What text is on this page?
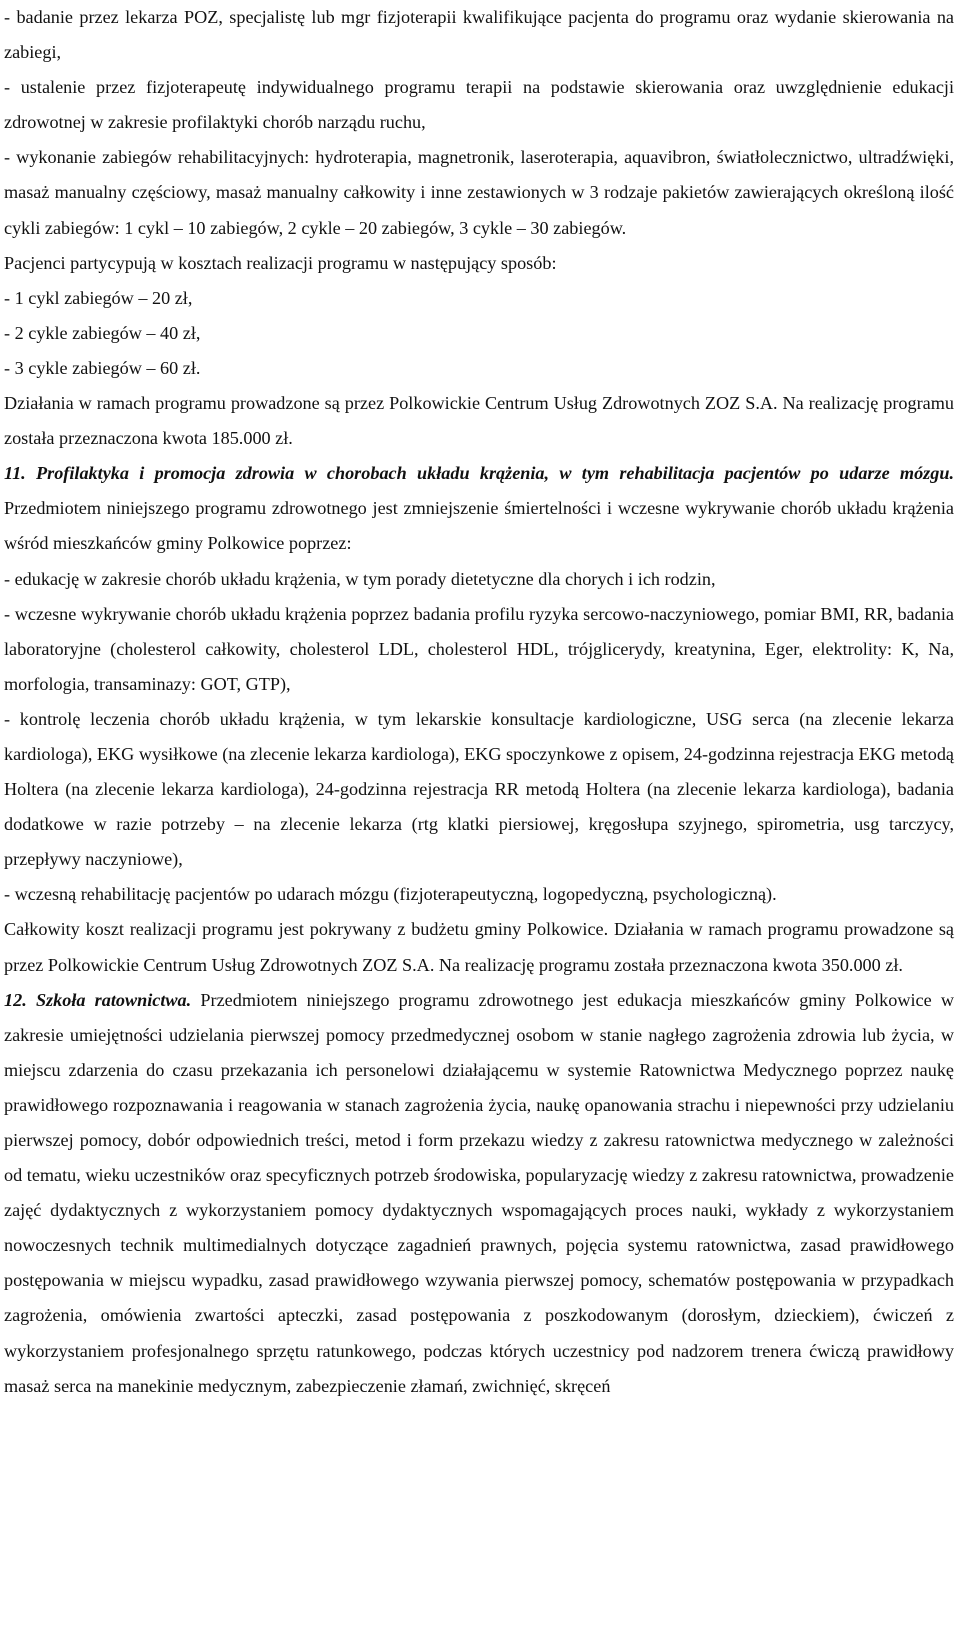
- badanie przez lekarza POZ, specjalistę lub mgr fizjoterapii kwalifikujące pacjenta do programu oraz wydanie skierowania na zabiegi,

- ustalenie przez fizjoterapeutę indywidualnego programu terapii na podstawie skierowania oraz uwzględnienie edukacji zdrowotnej w zakresie profilaktyki chorób narządu ruchu,

- wykonanie zabiegów rehabilitacyjnych: hydroterapia, magnetronik, laseroterapia, aquavibron, światłolecznictwo, ultradźwięki, masaż manualny częściowy, masaż manualny całkowity i inne zestawionych w 3 rodzaje pakietów zawierających określoną ilość cykli zabiegów: 1 cykl – 10 zabiegów, 2 cykle – 20 zabiegów, 3 cykle – 30 zabiegów.

Pacjenci partycypują w kosztach realizacji programu w następujący sposób:

- 1 cykl zabiegów – 20 zł,

- 2 cykle zabiegów – 40 zł,

- 3 cykle zabiegów – 60 zł.

Działania w ramach programu prowadzone są przez Polkowickie Centrum Usług Zdrowotnych ZOZ S.A. Na realizację programu została przeznaczona kwota 185.000 zł.

11. Profilaktyka i promocja zdrowia w chorobach układu krążenia, w tym rehabilitacja pacjentów po udarze mózgu. Przedmiotem niniejszego programu zdrowotnego jest zmniejszenie śmiertelności i wczesne wykrywanie chorób układu krążenia wśród mieszkańców gminy Polkowice poprzez:

- edukację w zakresie chorób układu krążenia, w tym porady dietetyczne dla chorych i ich rodzin,

- wczesne wykrywanie chorób układu krążenia poprzez badania profilu ryzyka sercowo-naczyniowego, pomiar BMI, RR, badania laboratoryjne (cholesterol całkowity, cholesterol LDL, cholesterol HDL, trójglicerydy, kreatynina, Eger, elektrolity: K, Na, morfologia, transaminazy: GOT, GTP),

- kontrolę leczenia chorób układu krążenia, w tym lekarskie konsultacje kardiologiczne, USG serca (na zlecenie lekarza kardiologa), EKG wysiłkowe (na zlecenie lekarza kardiologa), EKG spoczynkowe z opisem, 24-godzinna rejestracja EKG metodą Holtera (na zlecenie lekarza kardiologa), 24-godzinna rejestracja RR metodą Holtera (na zlecenie lekarza kardiologa), badania dodatkowe w razie potrzeby – na zlecenie lekarza (rtg klatki piersiowej, kręgosłupa szyjnego, spirometria, usg tarczycy, przepływy naczyniowe),

- wczesną rehabilitację pacjentów po udarach mózgu (fizjoterapeutyczną, logopedyczną, psychologiczną).

Całkowity koszt realizacji programu jest pokrywany z budżetu gminy Polkowice. Działania w ramach programu prowadzone są przez Polkowickie Centrum Usług Zdrowotnych ZOZ S.A. Na realizację programu została przeznaczona kwota 350.000 zł.

12. Szkoła ratownictwa. Przedmiotem niniejszego programu zdrowotnego jest edukacja mieszkańców gminy Polkowice w zakresie umiejętności udzielania pierwszej pomocy przedmedycznej osobom w stanie nagłego zagrożenia zdrowia lub życia, w miejscu zdarzenia do czasu przekazania ich personelowi działającemu w systemie Ratownictwa Medycznego poprzez naukę prawidłowego rozpoznawania i reagowania w stanach zagrożenia życia, naukę opanowania strachu i niepewności przy udzielaniu pierwszej pomocy, dobór odpowiednich treści, metod i form przekazu wiedzy z zakresu ratownictwa medycznego w zależności od tematu, wieku uczestników oraz specyficznych potrzeb środowiska, popularyzację wiedzy z zakresu ratownictwa, prowadzenie zajęć dydaktycznych z wykorzystaniem pomocy dydaktycznych wspomagających proces nauki, wykłady z wykorzystaniem nowoczesnych technik multimedialnych dotyczące zagadnień prawnych, pojęcia systemu ratownictwa, zasad prawidłowego postępowania w miejscu wypadku, zasad prawidłowego wzywania pierwszej pomocy, schematów postępowania w przypadkach zagrożenia, omówienia zwartości apteczki, zasad postępowania z poszkodowanym (dorosłym, dzieckiem), ćwiczeń z wykorzystaniem profesjonalnego sprzętu ratunkowego, podczas których uczestnicy pod nadzorem trenera ćwiczą prawidłowy masaż serca na manekinie medycznym, zabezpieczenie złamań, zwichnięć, skręceń
